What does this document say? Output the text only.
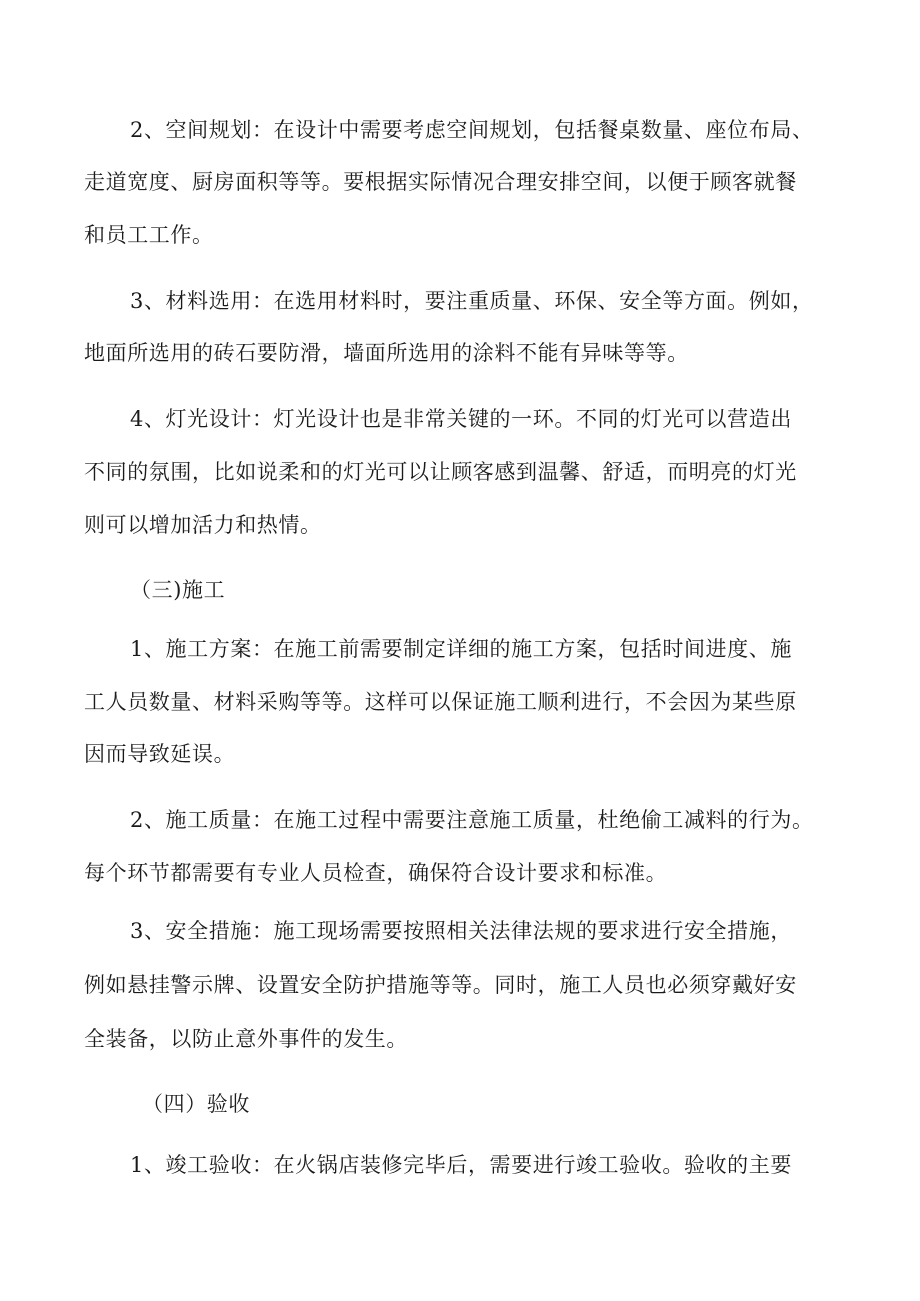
2、空间规划：在设计中需要考虑空间规划，包括餐桌数量、座位布局、
走道宽度、厨房面积等等。要根据实际情况合理安排空间，以便于顾客就餐
和员工工作。
3、材料选用：在选用材料时，要注重质量、环保、安全等方面。例如，
地面所选用的砖石要防滑，墙面所选用的涂料不能有异味等等。
4、灯光设计：灯光设计也是非常关键的一环。不同的灯光可以营造出
不同的氛围，比如说柔和的灯光可以让顾客感到温馨、舒适，而明亮的灯光
则可以增加活力和热情。
（三)施工
1、施工方案：在施工前需要制定详细的施工方案，包括时间进度、施
工人员数量、材料采购等等。这样可以保证施工顺利进行，不会因为某些原
因而导致延误。
2、施工质量：在施工过程中需要注意施工质量，杜绝偷工减料的行为。
每个环节都需要有专业人员检查，确保符合设计要求和标准。
3、安全措施：施工现场需要按照相关法律法规的要求进行安全措施，
例如悬挂警示牌、设置安全防护措施等等。同时，施工人员也必须穿戴好安
全装备，以防止意外事件的发生。
（四）验收
1、竣工验收：在火锅店装修完毕后，需要进行竣工验收。验收的主要
